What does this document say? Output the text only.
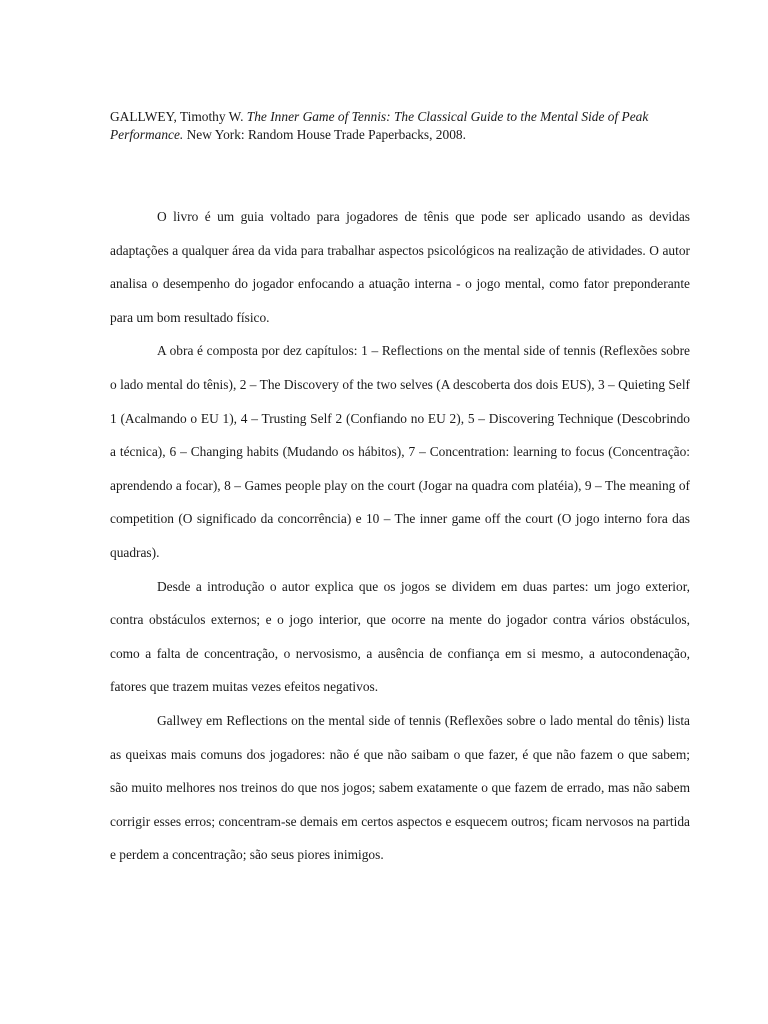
GALLWEY, Timothy W. The Inner Game of Tennis: The Classical Guide to the Mental Side of Peak Performance. New York: Random House Trade Paperbacks, 2008.

O livro é um guia voltado para jogadores de tênis que pode ser aplicado usando as devidas adaptações a qualquer área da vida para trabalhar aspectos psicológicos na realização de atividades. O autor analisa o desempenho do jogador enfocando a atuação interna - o jogo mental, como fator preponderante para um bom resultado físico.

A obra é composta por dez capítulos: 1 – Reflections on the mental side of tennis (Reflexões sobre o lado mental do tênis), 2 – The Discovery of the two selves (A descoberta dos dois EUS), 3 – Quieting Self 1 (Acalmando o EU 1), 4 – Trusting Self 2 (Confiando no EU 2), 5 – Discovering Technique (Descobrindo a técnica), 6 – Changing habits (Mudando os hábitos), 7 – Concentration: learning to focus (Concentração: aprendendo a focar), 8 – Games people play on the court (Jogar na quadra com platéia), 9 – The meaning of competition (O significado da concorrência) e 10 – The inner game off the court (O jogo interno fora das quadras).

Desde a introdução o autor explica que os jogos se dividem em duas partes: um jogo exterior, contra obstáculos externos; e o jogo interior, que ocorre na mente do jogador contra vários obstáculos, como a falta de concentração, o nervosismo, a ausência de confiança em si mesmo, a autocondenação, fatores que trazem muitas vezes efeitos negativos.

Gallwey em Reflections on the mental side of tennis (Reflexões sobre o lado mental do tênis) lista as queixas mais comuns dos jogadores: não é que não saibam o que fazer, é que não fazem o que sabem; são muito melhores nos treinos do que nos jogos; sabem exatamente o que fazem de errado, mas não sabem corrigir esses erros; concentram-se demais em certos aspectos e esquecem outros; ficam nervosos na partida e perdem a concentração; são seus piores inimigos.
